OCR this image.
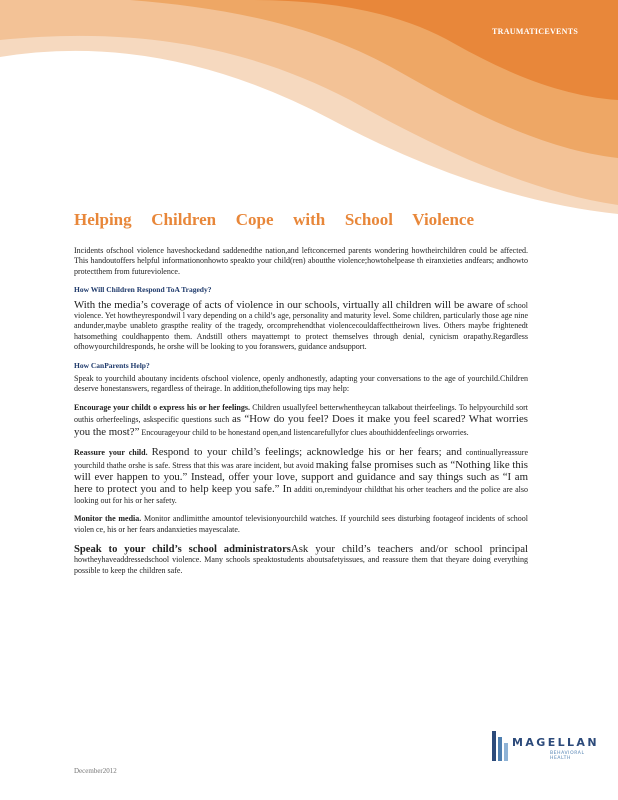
TRAUMATICEVENTS
Helping Children Cope with School Violence

Incidents ofschool violence haveshockedand saddenedthe nation,and leftconcerned parents wondering howtheirchildren could be affected. This handoutoffers helpful informationonhowto speakto your child(ren) aboutthe violence;howtohelpease th eiranxieties andfears; andhowto protectthem from futureviolence.

How Will Children Respond ToA Tragedy?

With the media’s coverage of acts of violence in our schools, virtually all children will be aware of school violence. Yet howtheyrespondwil l vary depending on a child’s age, personality and maturity level. Some children, particularly those age nine andunder,maybe unableto graspthe reality of the tragedy, orcomprehendthat violencecouldaffecttheirown lives. Others maybe frightenedt hatsomething couldhappento them. Andstill others mayattempt to protect themselves through denial, cynicism orapathy.Regardless ofhowyourchildresponds, he orshe will be looking to you foranswers, guidance andsupport.

How CanParents Help?

Speak to yourchild aboutany incidents ofschool violence, openly andhonestly, adapting your conversations to the age of yourchild.Children deserve honestanswers, regardless of theirage. In addition,thefollowing tips may help:

Encourage your childt o express his or her feelings. Children usuallyfeel betterwhentheycan talkabout theirfeelings. To helpyourchild sort outhis orherfeelings, askspecific questions such as “How do you feel? Does it make you feel scared? What worries you the most?” Encourageyour child to be honestand open,and listencarefullyfor clues abouthiddenfeelings orworries.

Reassure your child. Respond to your child’s feelings; acknowledge his or her fears; and continuallyreassure yourchild thathe orshe is safe. Stress that this was arare incident, but avoid making false promises such as “Nothing like this will ever happen to you.” Instead, offer your love, support and guidance and say things such as “I am here to protect you and to help keep you safe.” In additi on,remindyour childthat his orher teachers and the police are also looking out for his or her safety.

Monitor the media. Monitor andlimitthe amountof televisionyourchild watches. If yourchild sees disturbing footageof incidents of school violen ce, his or her fears andanxieties mayescalate.

Speak to your child’s school administratorsAsk your child’s teachers and/or school principal howtheyhaveaddressedschool violence. Many schools speaktostudents aboutsafetyissues, and reassure them that theyare doing everything possible to keep the children safe.

MAGELLAN
BEHAVIORAL HEALTH
December2012
